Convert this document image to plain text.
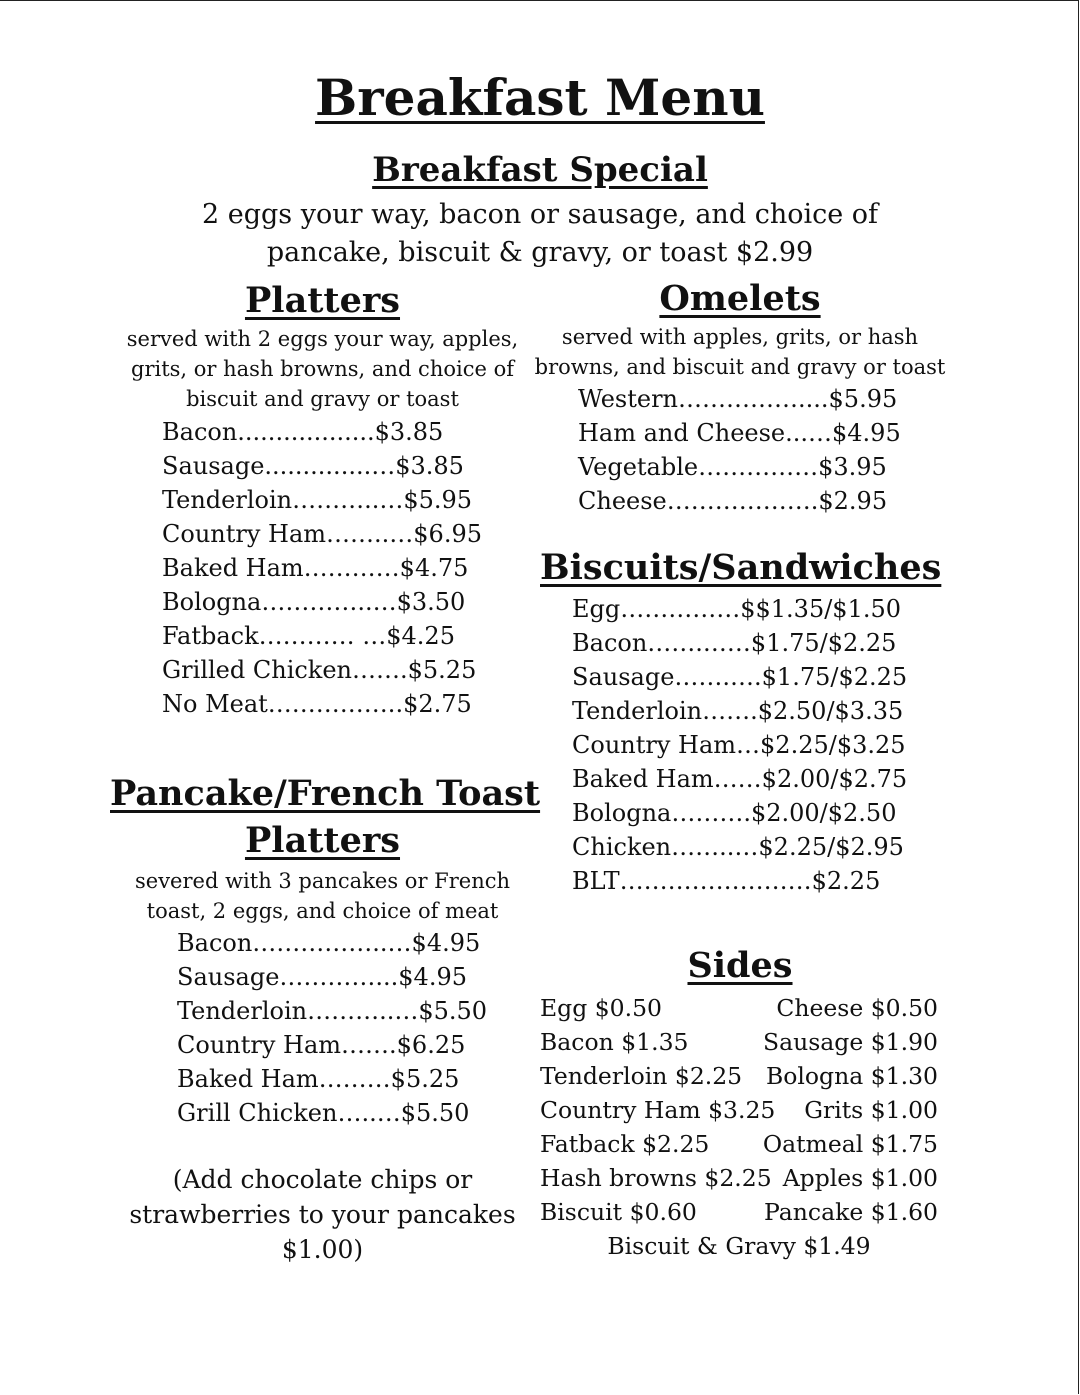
Breakfast Menu
Breakfast Special
2 eggs your way, bacon or sausage, and choice of
pancake, biscuit & gravy, or toast $2.99
Platters
served with 2 eggs your way, apples,
grits, or hash browns, and choice of
biscuit and gravy or toast
Bacon..................$3.85
Sausage..............…$3.85
Tenderloin………..…$5.95
Country Ham……..…$6.95
Baked Ham…………$4.75
Bologna…………..…$3.50
Fatback………… …$4.25
Grilled Chicken…….$5.25
No Meat……………..$2.75
Pancake/French Toast
Platters
severed with 3 pancakes or French
toast, 2 eggs, and choice of meat
Bacon……………..…$4.95
Sausage…………...$4.95
Tenderloin………..…$5.50
Country Ham…….$6.25
Baked Ham………$5.25
Grill Chicken…..…$5.50
(Add chocolate chips or
strawberries to your pancakes
$1.00)
Omelets
served with apples, grits, or hash
browns, and biscuit and gravy or toast
Western……………....$5.95
Ham and Cheese...…$4.95
Vegetable……………$3.95
Cheese……………….$2.95
Biscuits/Sandwiches
Egg……………$$1.35/$1.50
Bacon…….……$1.75/$2.25
Sausage…….….$1.75/$2.25
Tenderloin…….$2.50/$3.35
Country Ham…$2.25/$3.25
Baked Ham……$2.00/$2.75
Bologna……….$2.00/$2.50
Chicken……..…$2.25/$2.95
BLT……………………$2.25
Sides
Egg $0.50	Cheese $0.50
Bacon $1.35	Sausage $1.90
Tenderloin $2.25 Bologna $1.30
Country Ham $3.25 Grits $1.00
Fatback $2.25 Oatmeal $1.75
Hash browns $2.25 Apples $1.00
Biscuit $0.60	Pancake $1.60
Biscuit & Gravy $1.49
